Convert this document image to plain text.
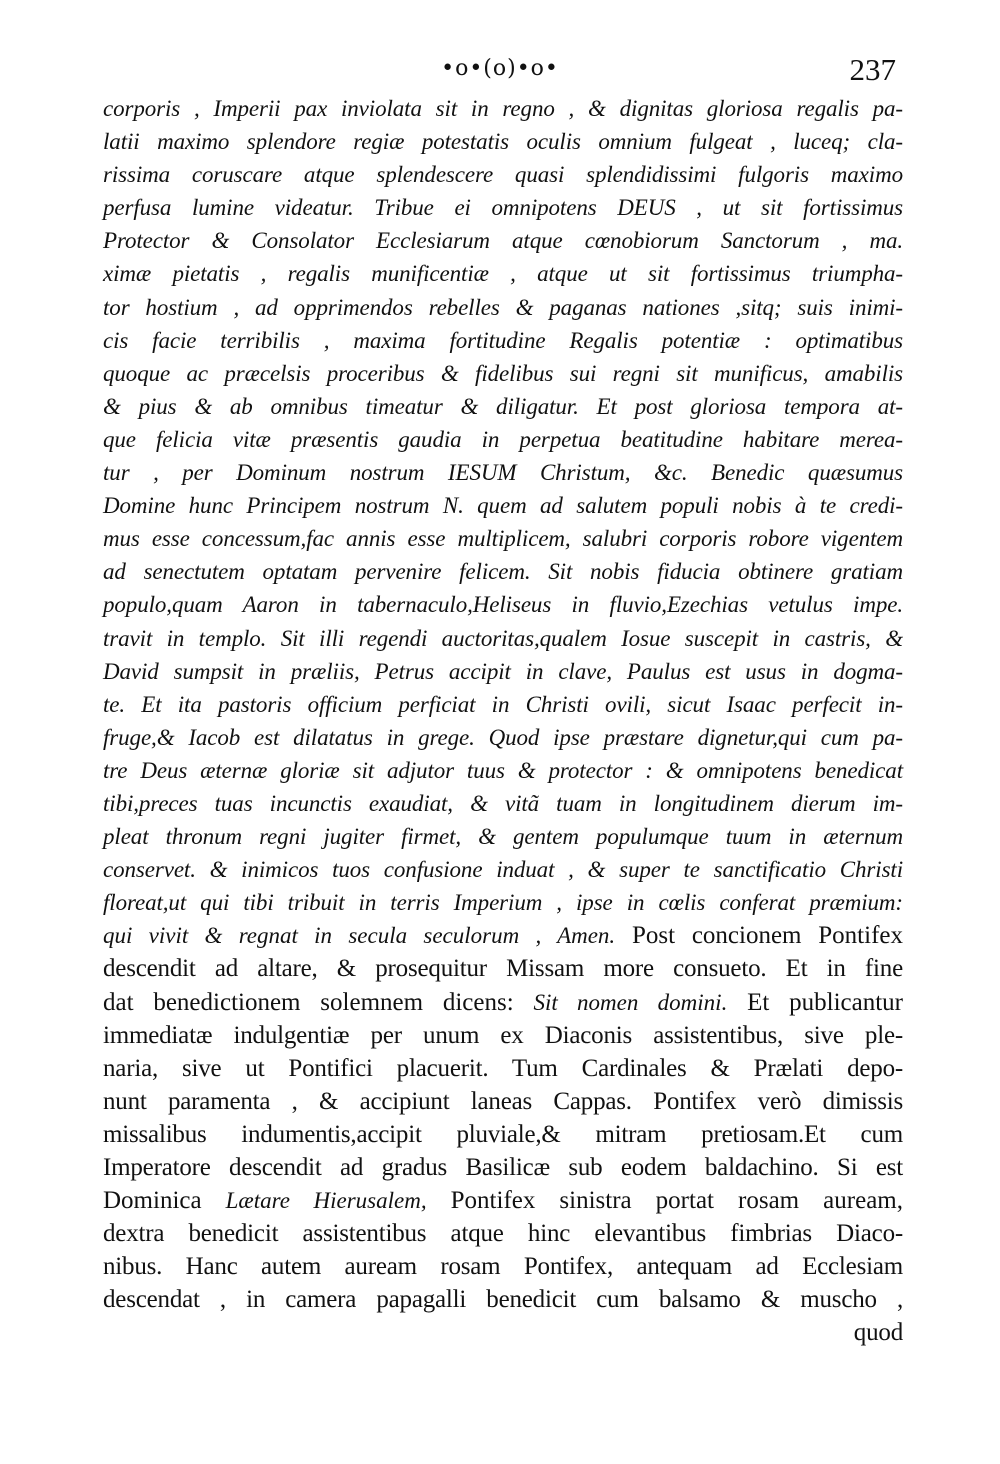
•o•(o)•o•	237
corporis , Imperii pax inviolata sit in regno , & dignitas gloriosa regalis pa-
latii maximo splendore regiæ potestatis oculis omnium fulgeat , luceq; cla-
rissima coruscare atque splendescere quasi splendidissimi fulgoris maximo
perfusa lumine videatur. Tribue ei omnipotens DEUS , ut sit fortissimus
Protector & Consolator Ecclesiarum atque cœnobiorum Sanctorum , ma.
ximæ pietatis , regalis munificentiæ , atque ut sit fortissimus triumpha-
tor hostium , ad opprimendos rebelles & paganas nationes ,sitq; suis inimi-
cis facie terribilis , maxima fortitudine Regalis potentiæ : optimatibus
quoque ac præcelsis proceribus & fidelibus sui regni sit munificus, amabilis
& pius & ab omnibus timeatur & diligatur. Et post gloriosa tempora at-
que felicia vitæ præsentis gaudia in perpetua beatitudine habitare merea-
tur , per Dominum nostrum IESUM Christum, &c. Benedic quæsumus
Domine hunc Principem nostrum N. quem ad salutem populi nobis à te credi-
mus esse concessum,fac annis esse multiplicem, salubri corporis robore vigentem
ad senectutem optatam pervenire felicem. Sit nobis fiducia obtinere gratiam
populo,quam Aaron in tabernaculo,Heliseus in fluvio,Ezechias vetulus impe.
travit in templo. Sit illi regendi auctoritas,qualem Iosue suscepit in castris, &
David sumpsit in præliis, Petrus accipit in clave, Paulus est usus in dogma-
te. Et ita pastoris officium perficiat in Christi ovili, sicut Isaac perfecit in-
fruge,& Iacob est dilatatus in grege. Quod ipse præstare dignetur,qui cum pa-
tre Deus æternæ gloriæ sit adjutor tuus & protector : & omnipotens benedicat
tibi,preces tuas incunctis exaudiat, & vitã tuam in longitudinem dierum im-
pleat thronum regni jugiter firmet, & gentem populumque tuum in æternum
conservet. & inimicos tuos confusione induat , & super te sanctificatio Christi
floreat,ut qui tibi tribuit in terris Imperium , ipse in cœlis conferat præmium:
qui vivit & regnat in secula seculorum , Amen. Post concionem Pontifex
descendit ad altare, & prosequitur Missam more consueto. Et in fine
dat benedictionem solemnem dicens: Sit nomen domini. Et publicantur
immediatæ indulgentiæ per unum ex Diaconis assistentibus, sive ple-
naria, sive ut Pontifici placuerit. Tum Cardinales & Prælati depo-
nunt paramenta , & accipiunt laneas Cappas. Pontifex verò dimissis
missalibus indumentis,accipit pluviale,& mitram pretiosam.Et cum
Imperatore descendit ad gradus Basilicæ sub eodem baldachino. Si est
Dominica Lætare Hierusalem, Pontifex sinistra portat rosam auream,
dextra benedicit assistentibus atque hinc elevantibus fimbrias Diaco-
nibus. Hanc autem auream rosam Pontifex, antequam ad Ecclesiam
descendat , in camera papagalli benedicit cum balsamo & muscho ,
quod
